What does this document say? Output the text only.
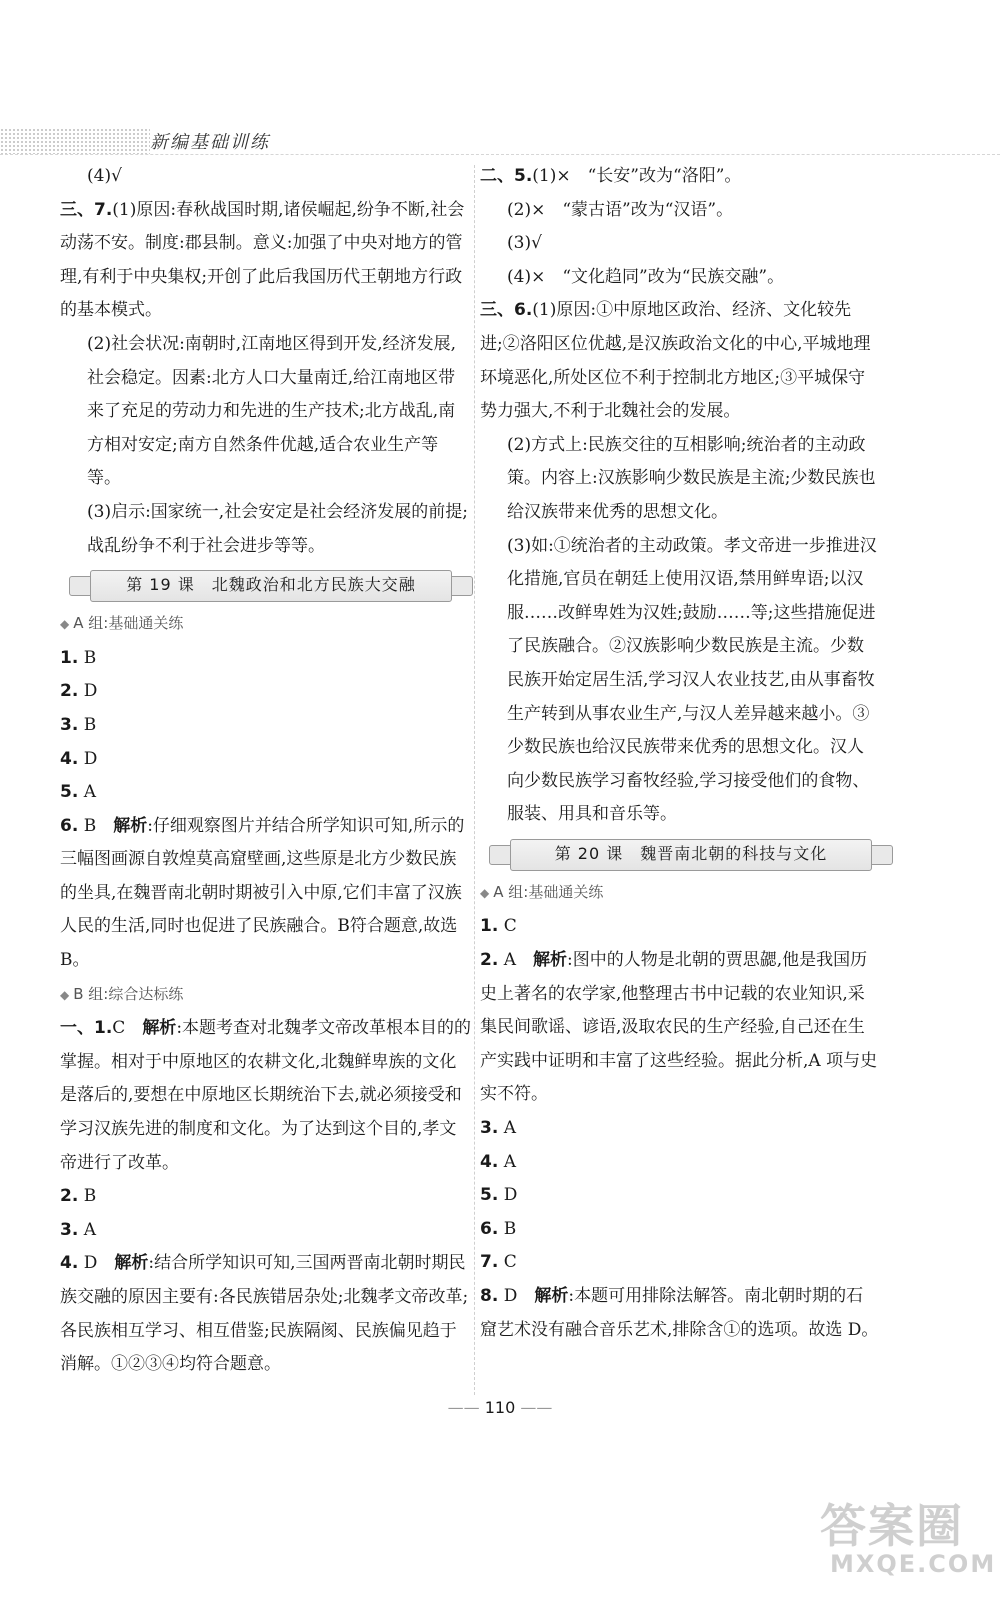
新编基础训练

(4)√

三、7.(1)原因:春秋战国时期,诸侯崛起,纷争不断,社会动荡不安。制度:郡县制。意义:加强了中央对地方的管理,有利于中央集权;开创了此后我国历代王朝地方行政的基本模式。

(2)社会状况:南朝时,江南地区得到开发,经济发展,社会稳定。因素:北方人口大量南迁,给江南地区带来了充足的劳动力和先进的生产技术;北方战乱,南方相对安定;南方自然条件优越,适合农业生产等等。

(3)启示:国家统一,社会安定是社会经济发展的前提;战乱纷争不利于社会进步等等。

第 19 课　北魏政治和北方民族大交融
◆ A 组:基础通关练

1. B

2. D

3. B

4. D

5. A

6. B　 解析:仔细观察图片并结合所学知识可知,所示的三幅图画源自敦煌莫高窟壁画,这些原是北方少数民族的坐具,在魏晋南北朝时期被引入中原,它们丰富了汉族人民的生活,同时也促进了民族融合。B符合题意,故选 B。

◆ B 组:综合达标练

一、1.C　 解析:本题考查对北魏孝文帝改革根本目的的掌握。相对于中原地区的农耕文化,北魏鲜卑族的文化是落后的,要想在中原地区长期统治下去,就必须接受和学习汉族先进的制度和文化。为了达到这个目的,孝文帝进行了改革。

2. B

3. A

4. D　 解析:结合所学知识可知,三国两晋南北朝时期民族交融的原因主要有:各民族错居杂处;北魏孝文帝改革;各民族相互学习、相互借鉴;民族隔阂、民族偏见趋于消解。①②③④均符合题意。

二、5.(1)×　“长安”改为“洛阳”。

(2)×　“蒙古语”改为“汉语”。

(3)√

(4)×　“文化趋同”改为“民族交融”。

三、6.(1)原因:①中原地区政治、经济、文化较先进;②洛阳区位优越,是汉族政治文化的中心,平城地理环境恶化,所处区位不利于控制北方地区;③平城保守势力强大,不利于北魏社会的发展。

(2)方式上:民族交往的互相影响;统治者的主动政策。内容上:汉族影响少数民族是主流;少数民族也给汉族带来优秀的思想文化。

(3)如:①统治者的主动政策。孝文帝进一步推进汉化措施,官员在朝廷上使用汉语,禁用鲜卑语;以汉服……改鲜卑姓为汉姓;鼓励……等;这些措施促进了民族融合。②汉族影响少数民族是主流。少数民族开始定居生活,学习汉人农业技艺,由从事畜牧生产转到从事农业生产,与汉人差异越来越小。③少数民族也给汉民族带来优秀的思想文化。汉人向少数民族学习畜牧经验,学习接受他们的食物、服装、用具和音乐等。

第 20 课　魏晋南北朝的科技与文化
◆ A 组:基础通关练

1. C

2. A　 解析:图中的人物是北朝的贾思勰,他是我国历史上著名的农学家,他整理古书中记载的农业知识,采集民间歌谣、谚语,汲取农民的生产经验,自己还在生产实践中证明和丰富了这些经验。据此分析,A 项与史实不符。

3. A

4. A

5. D

6. B

7. C

8. D　 解析:本题可用排除法解答。南北朝时期的石窟艺术没有融合音乐艺术,排除含①的选项。故选 D。

—— 110 ——
答案圈
MXQE.COM
